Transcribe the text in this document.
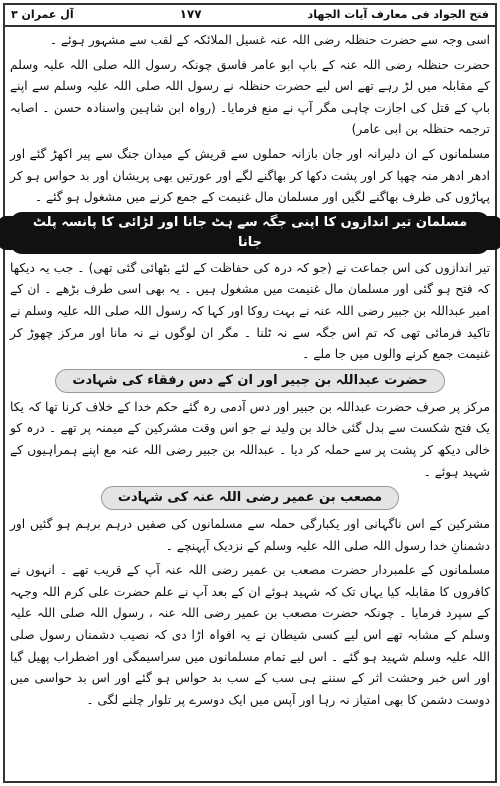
فتح الجواد فی معارف آیات الجهاد
۱۷۷
آل عمران ۳

اسی وجہ سے حضرت حنظلہ رضی اللہ عنہ غسیل الملائکہ کے لقب سے مشہور ہوئے ۔

حضرت حنظلہ رضی اللہ عنہ کے باپ ابو عامر فاسق چونکہ رسول اللہ صلی اللہ علیہ وسلم کے مقابلہ میں لڑ رہے تھے اس لیے حضرت حنظلہ نے رسول اللہ صلی اللہ علیہ وسلم سے اپنے باپ کے قتل کی اجازت چاہی مگر آپ نے منع فرمایا۔ (رواہ ابن شاہین واسنادہ حسن ۔ اصابہ ترجمہ حنظلہ بن ابی عامر)

مسلمانوں کے ان دلیرانہ اور جان بازانہ حملوں سے قریش کے میدان جنگ سے پیر اکھڑ گئے اور ادھر ادھر منہ چھپا کر اور پشت دکھا کر بھاگنے لگے اور عورتیں بھی پریشان اور بد حواس ہو کر پہاڑوں کی طرف بھاگنے لگیں اور مسلمان مال غنیمت کے جمع کرنے میں مشغول ہو گئے ۔

مسلمان تیر اندازوں کا اپنی جگہ سے ہٹ جانا اور لڑائی کا پانسہ پلٹ جانا

تیر اندازوں کی اس جماعت نے (جو کہ درہ کی حفاظت کے لئے بٹھائی گئی تھی) ۔ جب یہ دیکھا کہ فتح ہو گئی اور مسلمان مال غنیمت میں مشغول ہیں ۔ یہ بھی اسی طرف بڑھے ۔ ان کے امیر عبداللہ بن جبیر رضی اللہ عنہ نے بہت روکا اور کہا کہ رسول اللہ صلی اللہ علیہ وسلم نے تاکید فرمائی تھی کہ تم اس جگہ سے نہ ٹلنا ۔ مگر ان لوگوں نے نہ مانا اور مرکز چھوڑ کر غنیمت جمع کرنے والوں میں جا ملے ۔

حضرت عبداللہ بن جبیر اور ان کے دس رفقاء کی شہادت

مرکز پر صرف حضرت عبداللہ بن جبیر اور دس آدمی رہ گئے حکم خدا کے خلاف کرنا تھا کہ یکا یک فتح شکست سے بدل گئی خالد بن ولید نے جو اس وقت مشرکین کے میمنہ پر تھے ۔ درہ کو خالی دیکھ کر پشت پر سے حملہ کر دیا ۔ عبداللہ بن جبیر رضی اللہ عنہ مع اپنے ہمراہیوں کے شہید ہوئے ۔

مصعب بن عمیر رضی اللہ عنہ کی شہادت

مشرکین کے اس ناگہانی اور یکبارگی حملہ سے مسلمانوں کی صفیں درہم برہم ہو گئیں اور دشمنانِ خدا رسول اللہ صلی اللہ علیہ وسلم کے نزدیک آپہنچے ۔

مسلمانوں کے علمبردار حضرت مصعب بن عمیر رضی اللہ عنہ آپ کے قریب تھے ۔ انہوں نے کافروں کا مقابلہ کیا یہاں تک کہ شہید ہوئے ان کے بعد آپ نے علم حضرت علی کرم اللہ وجہہ کے سپرد فرمایا ۔ چونکہ حضرت مصعب بن عمیر رضی اللہ عنہ ، رسول اللہ صلی اللہ علیہ وسلم کے مشابہ تھے اس لیے کسی شیطان نے یہ افواہ اڑا دی کہ نصیب دشمناں رسول صلی اللہ علیہ وسلم شہید ہو گئے ۔ اس لیے تمام مسلمانوں میں سراسیمگی اور اضطراب پھیل گیا اور اس خبر وحشت اثر کے سننے ہی سب کے سب بد حواس ہو گئے اور اس بد حواسی میں دوست دشمن کا بھی امتیاز نہ رہا اور آپس میں ایک دوسرے پر تلوار چلنے لگی ۔
